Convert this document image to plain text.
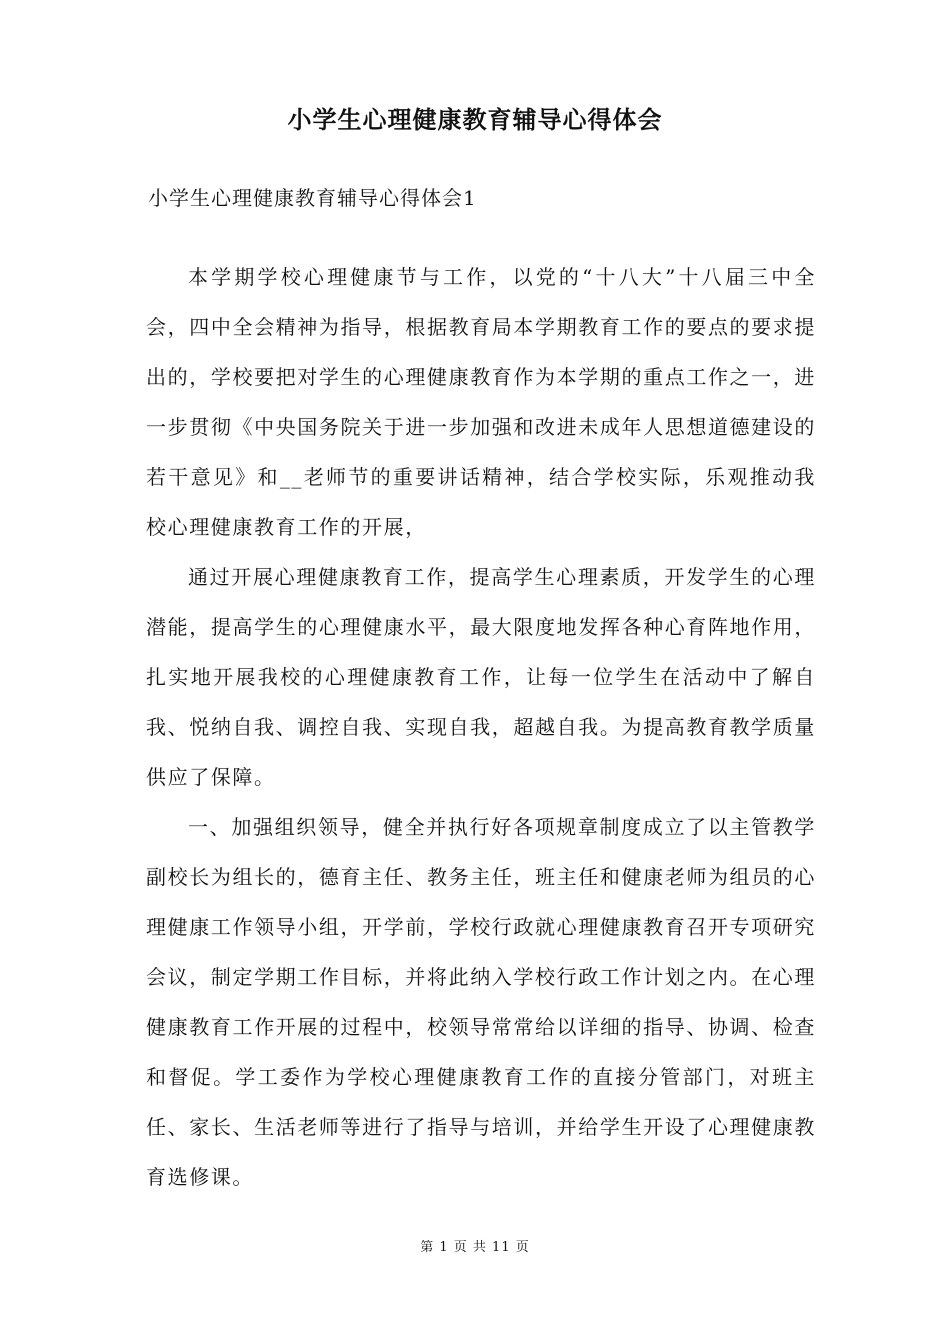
小学生心理健康教育辅导心得体会

小学生心理健康教育辅导心得体会1

本学期学校心理健康节与工作，以党的“十八大”十八届三中全会，四中全会精神为指导，根据教育局本学期教育工作的要点的要求提出的，学校要把对学生的心理健康教育作为本学期的重点工作之一，进一步贯彻《中央国务院关于进一步加强和改进未成年人思想道德建设的若干意见》和__老师节的重要讲话精神，结合学校实际，乐观推动我校心理健康教育工作的开展，

通过开展心理健康教育工作，提高学生心理素质，开发学生的心理潜能，提高学生的心理健康水平，最大限度地发挥各种心育阵地作用，扎实地开展我校的心理健康教育工作，让每一位学生在活动中了解自我、悦纳自我、调控自我、实现自我，超越自我。为提高教育教学质量供应了保障。

一、加强组织领导，健全并执行好各项规章制度成立了以主管教学副校长为组长的，德育主任、教务主任，班主任和健康老师为组员的心理健康工作领导小组，开学前，学校行政就心理健康教育召开专项研究会议，制定学期工作目标，并将此纳入学校行政工作计划之内。在心理健康教育工作开展的过程中，校领导常常给以详细的指导、协调、检查和督促。学工委作为学校心理健康教育工作的直接分管部门，对班主任、家长、生活老师等进行了指导与培训，并给学生开设了心理健康教育选修课。

第 1 页 共 11 页
